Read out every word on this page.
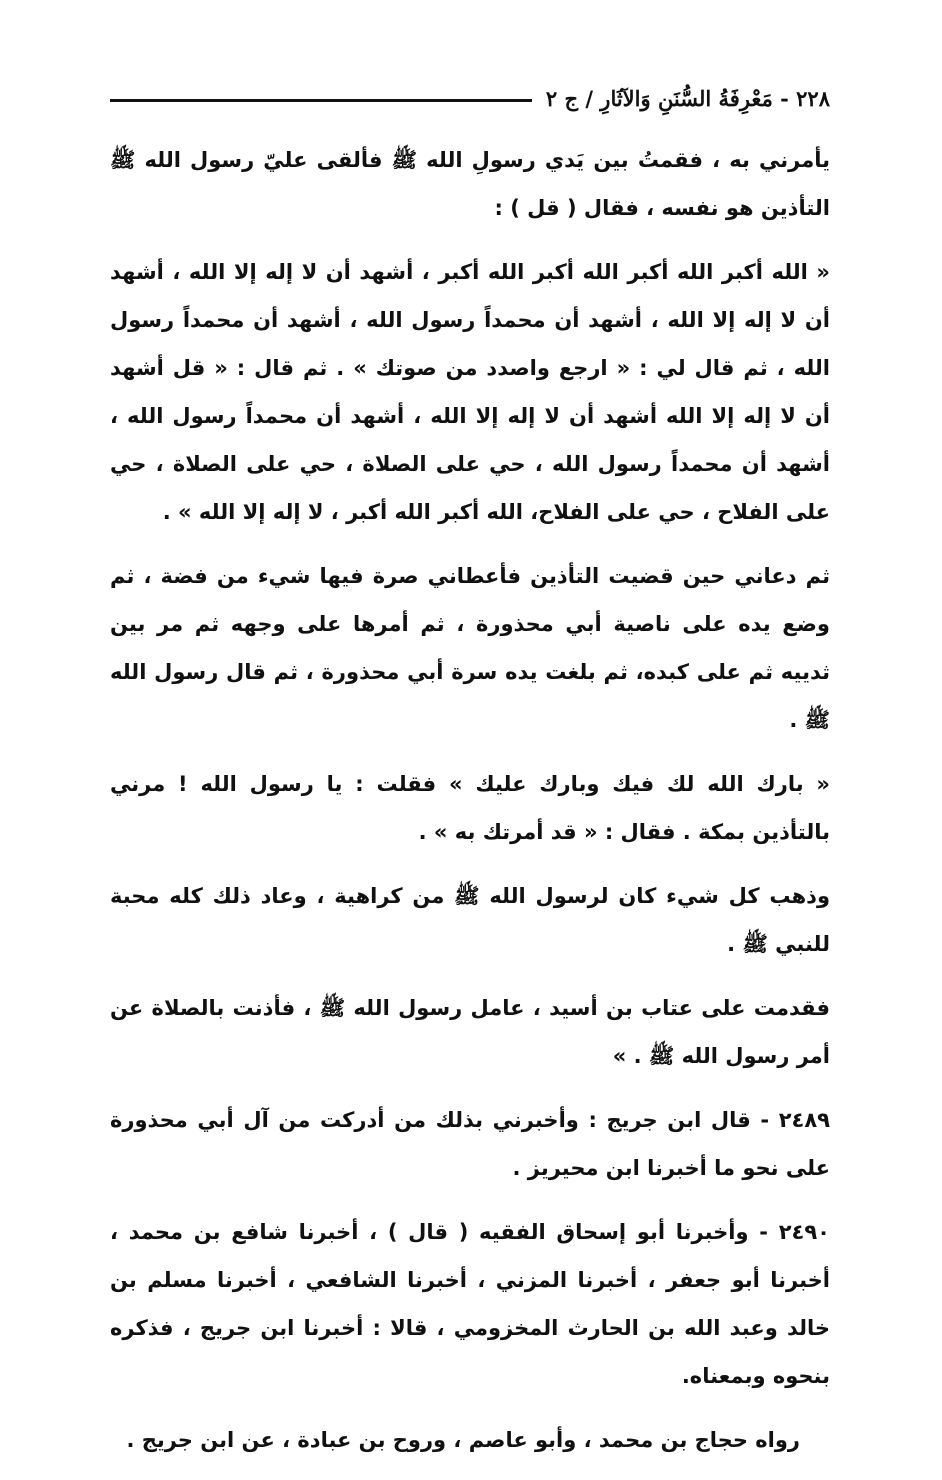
٢٢٨ - مَعْرِفَةُ السُّنَنِ وَالآثَارِ / ج ٢

يأمرني به ، فقمتُ بين يَدي رسولِ الله ﷺ فألقى عليّ رسول الله ﷺ التأذين هو نفسه ، فقال ( قل ) :

« الله أكبر الله أكبر الله أكبر الله أكبر ، أشهد أن لا إله إلا الله ، أشهد أن لا إله إلا الله ، أشهد أن محمداً رسول الله ، أشهد أن محمداً رسول الله ، ثم قال لي : « ارجع واصدد من صوتك » . ثم قال : « قل أشهد أن لا إله إلا الله أشهد أن لا إله إلا الله ، أشهد أن محمداً رسول الله ، أشهد أن محمداً رسول الله ، حي على الصلاة ، حي على الصلاة ، حي على الفلاح ، حي على الفلاح، الله أكبر الله أكبر ، لا إله إلا الله » .

ثم دعاني حين قضيت التأذين فأعطاني صرة فيها شيء من فضة ، ثم وضع يده على ناصية أبي محذورة ، ثم أمرها على وجهه ثم مر بين ثدييه ثم على كبده، ثم بلغت يده سرة أبي محذورة ، ثم قال رسول الله ﷺ .

« بارك الله لك فيك وبارك عليك » فقلت : يا رسول الله ! مرني بالتأذين بمكة . فقال : « قد أمرتك به » .

وذهب كل شيء كان لرسول الله ﷺ من كراهية ، وعاد ذلك كله محبة للنبي ﷺ .

فقدمت على عتاب بن أسيد ، عامل رسول الله ﷺ ، فأذنت بالصلاة عن أمر رسول الله ﷺ . »

٢٤٨٩ - قال ابن جريج : وأخبرني بذلك من أدركت من آل أبي محذورة على نحو ما أخبرنا ابن محيريز .

٢٤٩٠ - وأخبرنا أبو إسحاق الفقيه ( قال ) ، أخبرنا شافع بن محمد ، أخبرنا أبو جعفر ، أخبرنا المزني ، أخبرنا الشافعي ، أخبرنا مسلم بن خالد وعبد الله بن الحارث المخزومي ، قالا : أخبرنا ابن جريج ، فذكره بنحوه وبمعناه.

رواه حجاج بن محمد ، وأبو عاصم ، وروح بن عبادة ، عن ابن جريج .
